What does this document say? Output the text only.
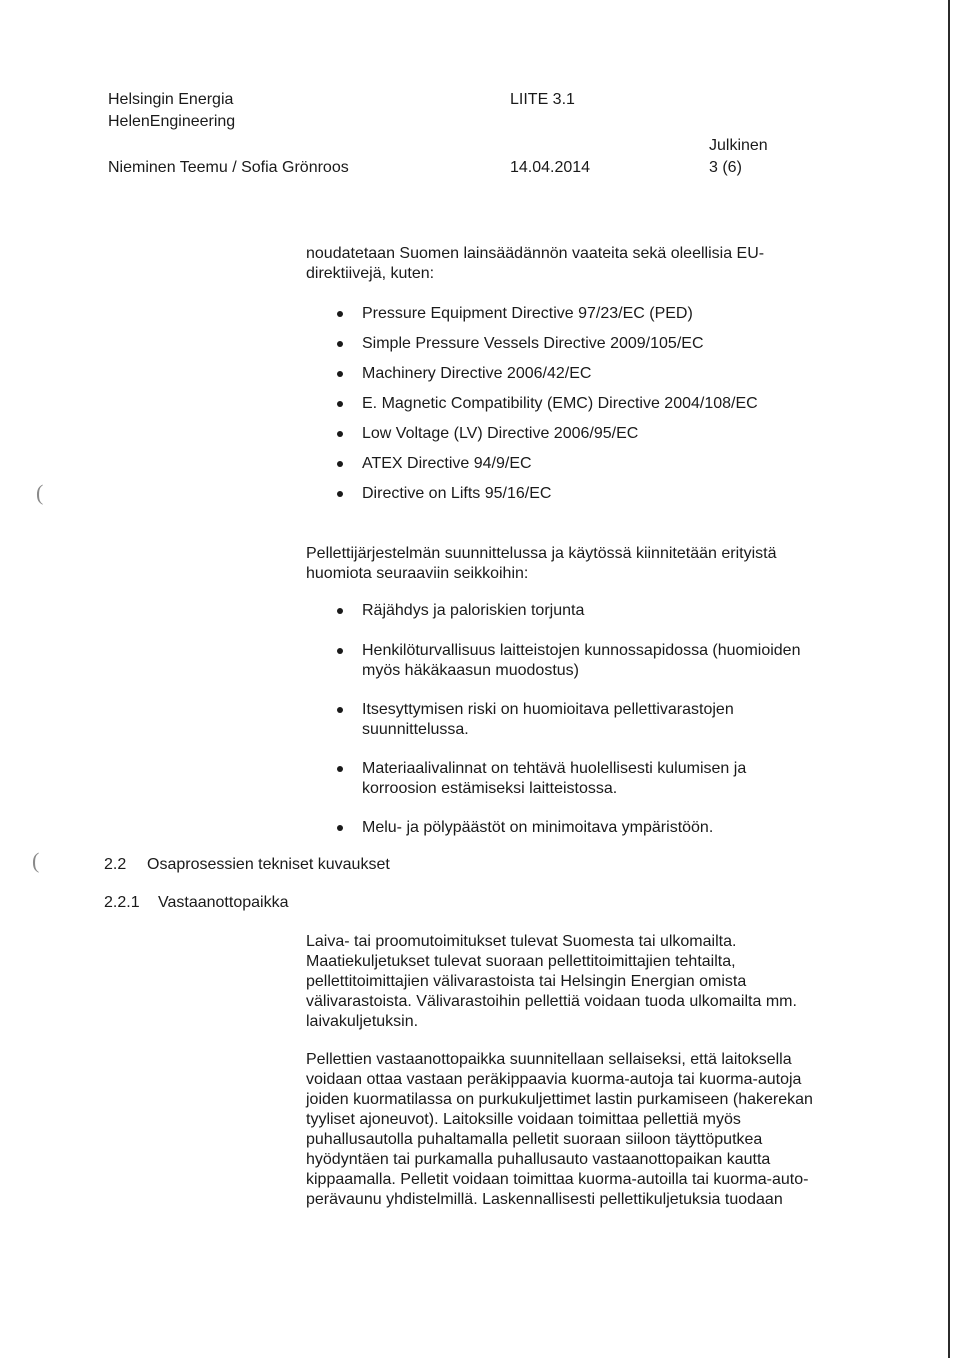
Helsingin Energia
HelenEngineering
LIITE 3.1
Julkinen
Nieminen Teemu / Sofia Grönroos	14.04.2014	3 (6)
noudatetaan Suomen lainsäädännön vaateita sekä oleellisia EU-
direktiivejä, kuten:
Pressure Equipment Directive 97/23/EC (PED)
Simple Pressure Vessels Directive 2009/105/EC
Machinery Directive 2006/42/EC
E. Magnetic Compatibility (EMC) Directive 2004/108/EC
Low Voltage (LV) Directive 2006/95/EC
ATEX Directive 94/9/EC
Directive on Lifts 95/16/EC
Pellettijärjestelmän suunnittelussa ja käytössä kiinnitetään erityistä
huomiota seuraaviin seikkoihin:
Räjähdys ja paloriskien torjunta
Henkilöturvallisuus laitteistojen kunnossapidossa (huomioiden
myös häkäkaasun muodostus)
Itsesyttymisen riski on huomioitava pellettivarastojen
suunnittelussa.
Materiaalivalinnat on tehtävä huolellisesti kulumisen ja
korroosion estämiseksi laitteistossa.
Melu- ja pölypäästöt on minimoitava ympäristöön.
2.2 Osaprosessien tekniset kuvaukset
2.2.1 Vastaanottopaikka
Laiva- tai proomutoimitukset tulevat Suomesta tai ulkomailta.
Maatiekuljetukset tulevat suoraan pellettitoimittajien tehtailta,
pellettitoimittajien välivarastoista tai Helsingin Energian omista
välivarastoista. Välivarastoihin pellettiä voidaan tuoda ulkomailta mm.
laivakuljetuksin.
Pellettien vastaanottopaikka suunnitellaan sellaiseksi, että laitoksella
voidaan ottaa vastaan peräkippaavia kuorma-autoja tai kuorma-autoja
joiden kuormatilassa on purkukuljettimet lastin purkamiseen (hakerekan
tyyliset ajoneuvot). Laitoksille voidaan toimittaa pellettiä myös
puhallusautolla puhaltamalla pelletit suoraan siiloon täyttöputkea
hyödyntäen tai purkamalla puhallusauto vastaanottopaikan kautta
kippaamalla. Pelletit voidaan toimittaa kuorma-autoilla tai kuorma-auto-
perävaunu yhdistelmillä. Laskennallisesti pellettikuljetuksia tuodaan
(
(
